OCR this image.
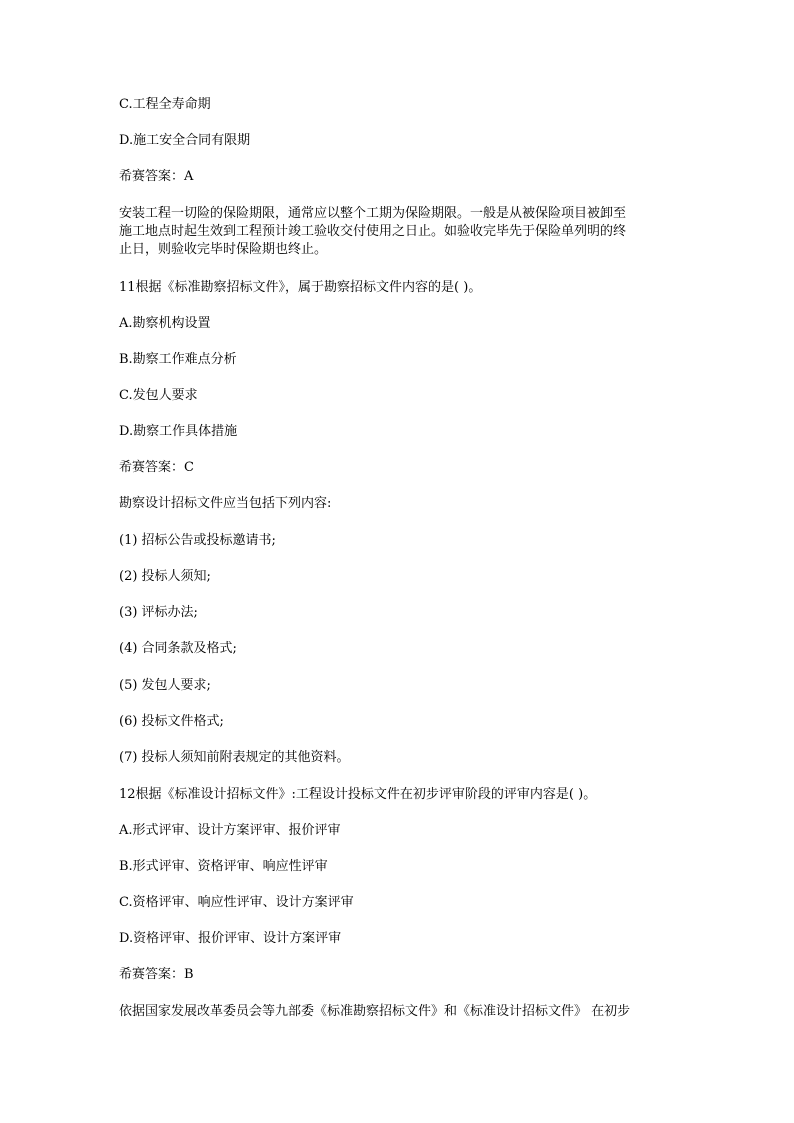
C.工程全寿命期
D.施工安全合同有限期
希赛答案：A
安装工程一切险的保险期限，通常应以整个工期为保险期限。一般是从被保险项目被卸至
施工地点时起生效到工程预计竣工验收交付使用之日止。如验收完毕先于保险单列明的终
止日，则验收完毕时保险期也终止。
11根据《标准勘察招标文件》，属于勘察招标文件内容的是( )。
A.勘察机构设置
B.勘察工作难点分析
C.发包人要求
D.勘察工作具体措施
希赛答案：C
勘察设计招标文件应当包括下列内容:
(1) 招标公告或投标邀请书;
(2) 投标人须知;
(3) 评标办法;
(4) 合同条款及格式;
(5) 发包人要求;
(6) 投标文件格式;
(7) 投标人须知前附表规定的其他资料。
12根据《标准设计招标文件》:工程设计投标文件在初步评审阶段的评审内容是( )。
A.形式评审、设计方案评审、报价评审
B.形式评审、资格评审、响应性评审
C.资格评审、响应性评审、设计方案评审
D.资格评审、报价评审、设计方案评审
希赛答案：B
依据国家发展改革委员会等九部委《标准勘察招标文件》和《标准设计招标文件》 在初步
